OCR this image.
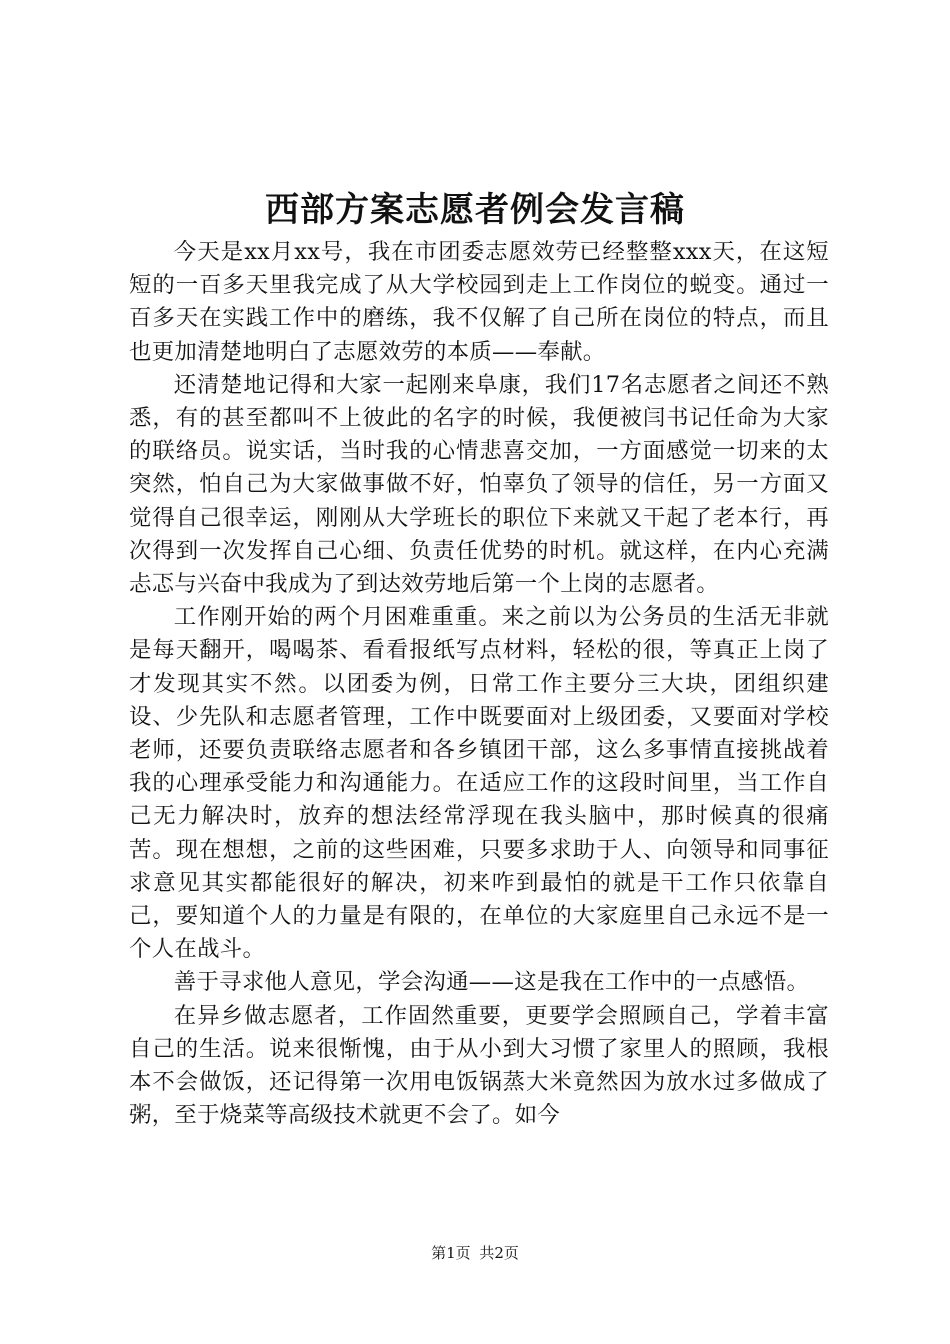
西部方案志愿者例会发言稿

今天是xx月xx号，我在市团委志愿效劳已经整整xxx天，在这短短的一百多天里我完成了从大学校园到走上工作岗位的蜕变。通过一百多天在实践工作中的磨练，我不仅解了自己所在岗位的特点，而且也更加清楚地明白了志愿效劳的本质——奉献。

还清楚地记得和大家一起刚来阜康，我们17名志愿者之间还不熟悉，有的甚至都叫不上彼此的名字的时候，我便被闫书记任命为大家的联络员。说实话，当时我的心情悲喜交加，一方面感觉一切来的太突然，怕自己为大家做事做不好，怕辜负了领导的信任，另一方面又觉得自己很幸运，刚刚从大学班长的职位下来就又干起了老本行，再次得到一次发挥自己心细、负责任优势的时机。就这样，在内心充满忐忑与兴奋中我成为了到达效劳地后第一个上岗的志愿者。

工作刚开始的两个月困难重重。来之前以为公务员的生活无非就是每天翻开，喝喝茶、看看报纸写点材料，轻松的很，等真正上岗了才发现其实不然。以团委为例，日常工作主要分三大块，团组织建设、少先队和志愿者管理，工作中既要面对上级团委，又要面对学校老师，还要负责联络志愿者和各乡镇团干部，这么多事情直接挑战着我的心理承受能力和沟通能力。在适应工作的这段时间里，当工作自己无力解决时，放弃的想法经常浮现在我头脑中，那时候真的很痛苦。现在想想，之前的这些困难，只要多求助于人、向领导和同事征求意见其实都能很好的解决，初来咋到最怕的就是干工作只依靠自己，要知道个人的力量是有限的，在单位的大家庭里自己永远不是一个人在战斗。

善于寻求他人意见，学会沟通——这是我在工作中的一点感悟。

在异乡做志愿者，工作固然重要，更要学会照顾自己，学着丰富自己的生活。说来很惭愧，由于从小到大习惯了家里人的照顾，我根本不会做饭，还记得第一次用电饭锅蒸大米竟然因为放水过多做成了粥，至于烧菜等高级技术就更不会了。如今

第1页 共2页
